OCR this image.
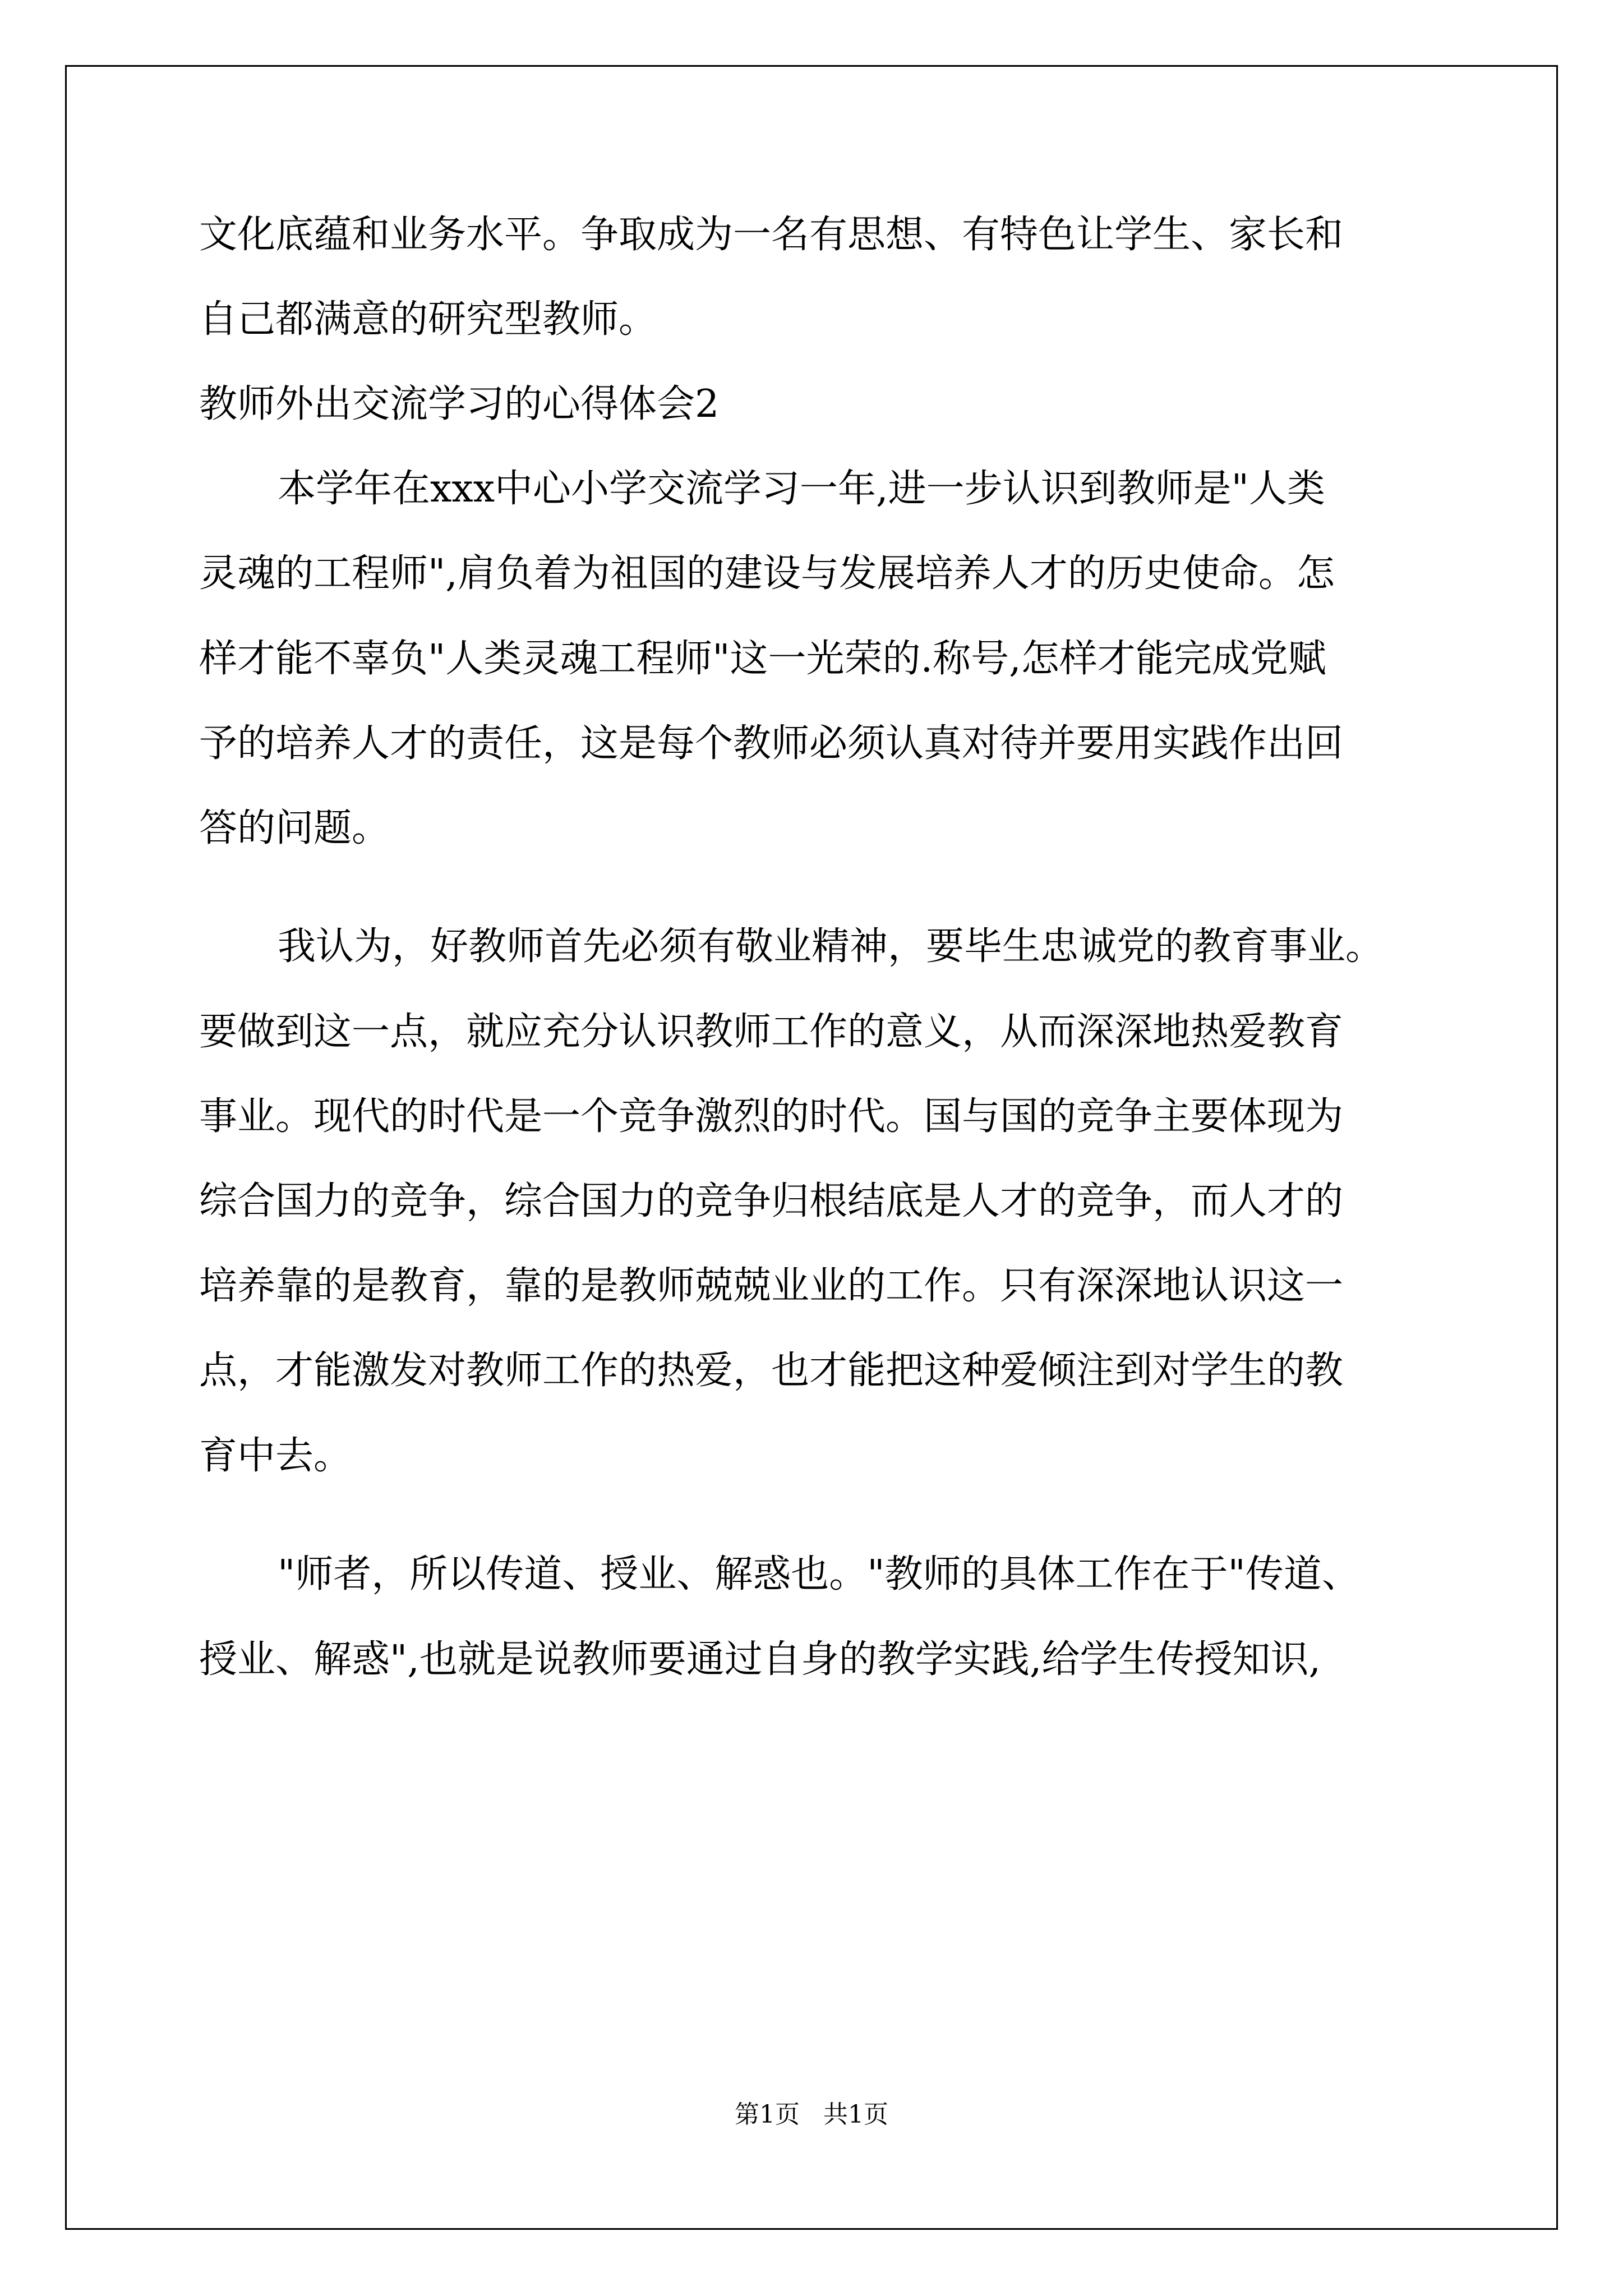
文化底蕴和业务水平。争取成为一名有思想、有特色让学生、家长和
自己都满意的研究型教师。
教师外出交流学习的心得体会2
本学年在xxx中心小学交流学习一年,进一步认识到教师是"人类
灵魂的工程师",肩负着为祖国的建设与发展培养人才的历史使命。怎
样才能不辜负"人类灵魂工程师"这一光荣的.称号,怎样才能完成党赋
予的培养人才的责任，这是每个教师必须认真对待并要用实践作出回
答的问题。
我认为，好教师首先必须有敬业精神，要毕生忠诚党的教育事业。
要做到这一点，就应充分认识教师工作的意义，从而深深地热爱教育
事业。现代的时代是一个竞争激烈的时代。国与国的竞争主要体现为
综合国力的竞争，综合国力的竞争归根结底是人才的竞争，而人才的
培养靠的是教育，靠的是教师兢兢业业的工作。只有深深地认识这一
点，才能激发对教师工作的热爱，也才能把这种爱倾注到对学生的教
育中去。
"师者，所以传道、授业、解惑也。"教师的具体工作在于"传道、
授业、解惑",也就是说教师要通过自身的教学实践,给学生传授知识,
第1页   共1页
